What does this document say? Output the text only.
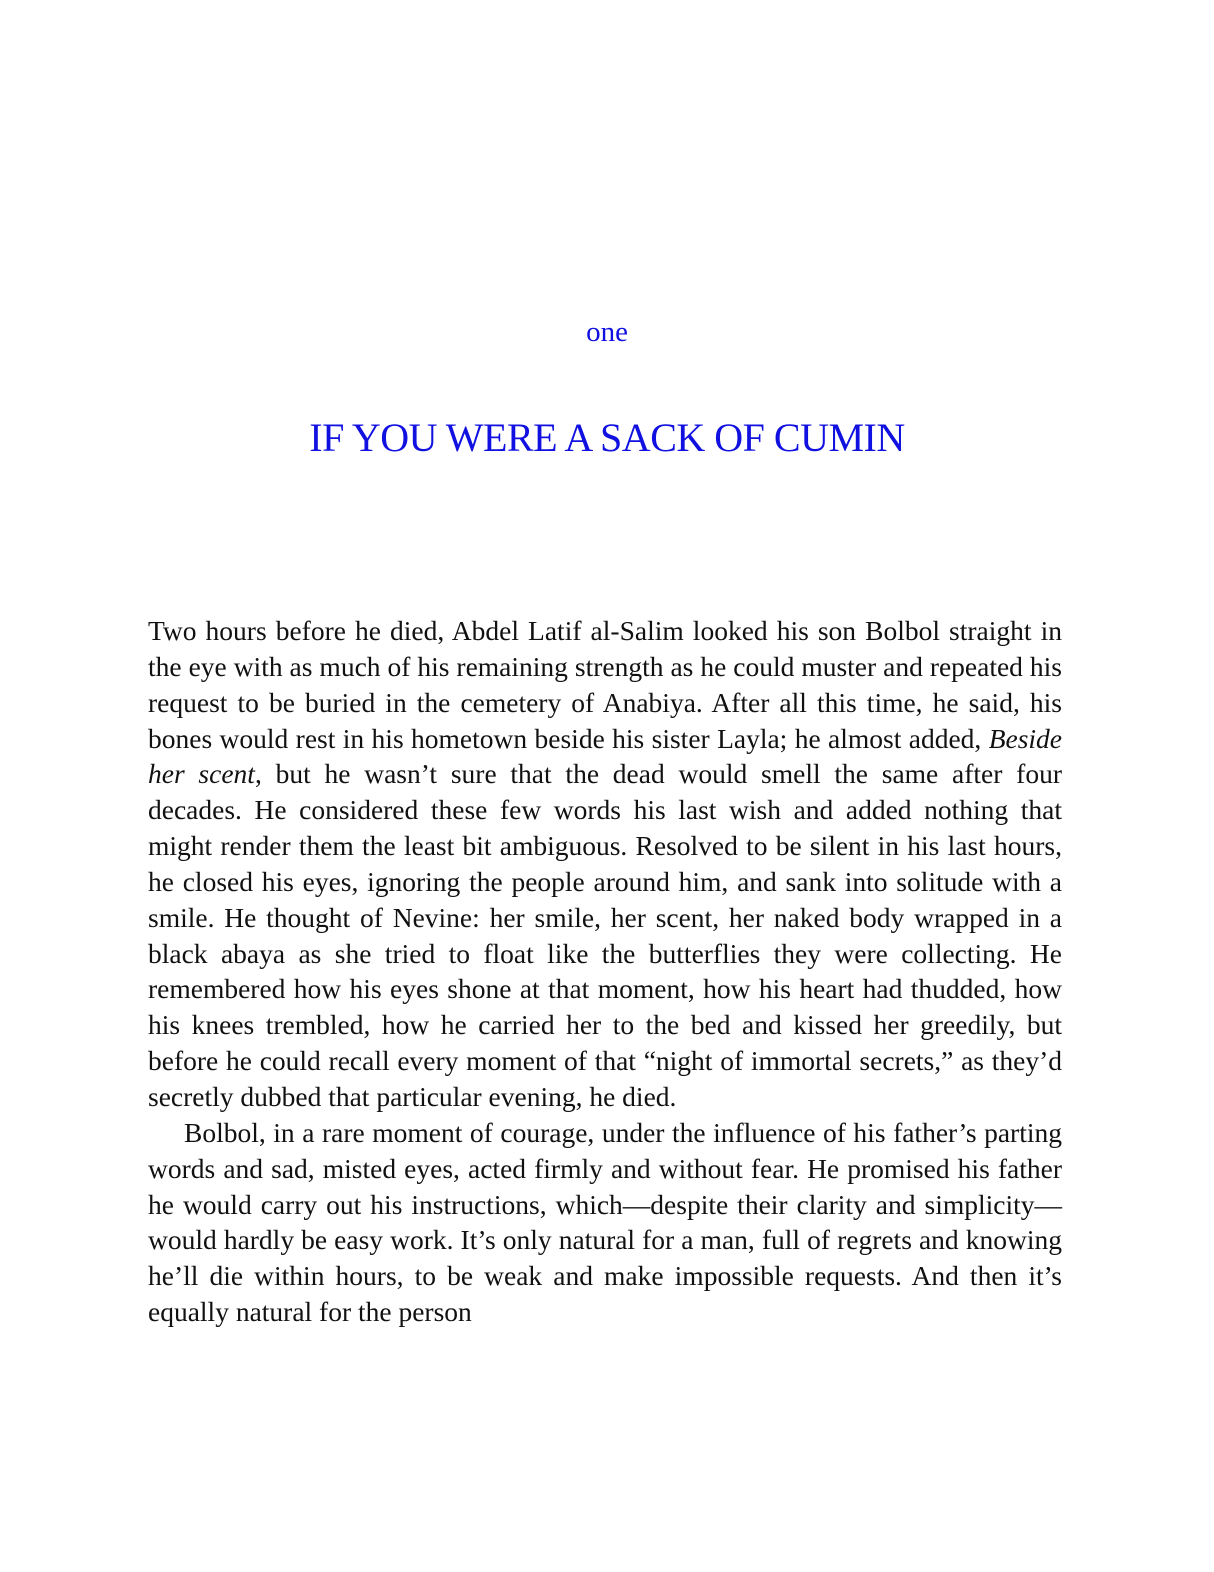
one
IF YOU WERE A SACK OF CUMIN

Two hours before he died, Abdel Latif al-Salim looked his son Bolbol straight in the eye with as much of his remaining strength as he could muster and repeated his request to be buried in the cemetery of Anabiya. After all this time, he said, his bones would rest in his hometown beside his sister Layla; he almost added, Beside her scent, but he wasn’t sure that the dead would smell the same after four decades. He considered these few words his last wish and added nothing that might render them the least bit ambiguous. Resolved to be silent in his last hours, he closed his eyes, ignoring the people around him, and sank into solitude with a smile. He thought of Nevine: her smile, her scent, her naked body wrapped in a black abaya as she tried to float like the butterflies they were collecting. He remembered how his eyes shone at that moment, how his heart had thudded, how his knees trembled, how he carried her to the bed and kissed her greedily, but before he could recall every moment of that “night of immortal secrets,” as they’d secretly dubbed that particular evening, he died.

Bolbol, in a rare moment of courage, under the influence of his father’s parting words and sad, misted eyes, acted firmly and without fear. He promised his father he would carry out his instructions, which—despite their clarity and simplicity—would hardly be easy work. It’s only natural for a man, full of regrets and knowing he’ll die within hours, to be weak and make impossible requests. And then it’s equally natural for the person
